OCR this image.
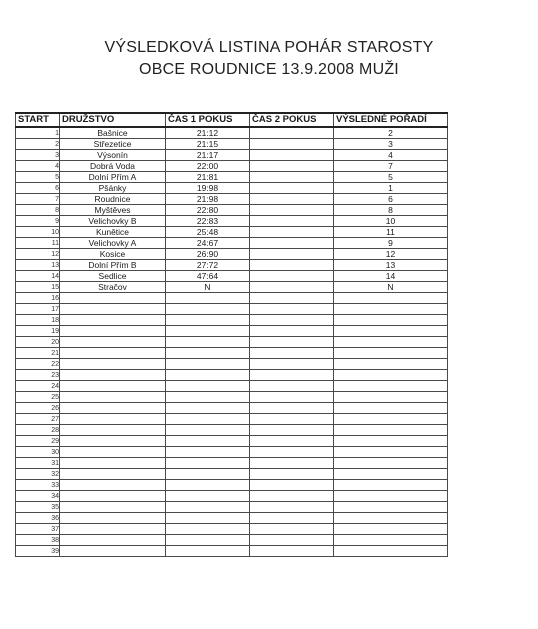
VÝSLEDKOVÁ LISTINA POHÁR STAROSTY
OBCE ROUDNICE 13.9.2008 MUŽI
START	DRUŽSTVO	ČAS 1 POKUS	ČAS 2 POKUS	VÝSLEDNÉ POŘADÍ
1	Bašnice	21:12		2
2	Střezetice	21:15		3
3	Výsonín	21:17		4
4	Dobrá Voda	22:00		7
5	Dolní Přím A	21:81		5
6	Pšánky	19:98		1
7	Roudnice	21:98		6
8	Myštěves	22:80		8
9	Velichovky B	22:83		10
10	Kunětice	25:48		11
11	Velichovky A	24:67		9
12	Kosice	26:90		12
13	Dolní Přím B	27:72		13
14	Sedlice	47:64		14
15	Stračov	N		N
16				
17				
18				
19				
20				
21				
22				
23				
24				
25				
26				
27				
28				
29				
30				
31				
32				
33				
34				
35				
36				
37				
38				
39				
